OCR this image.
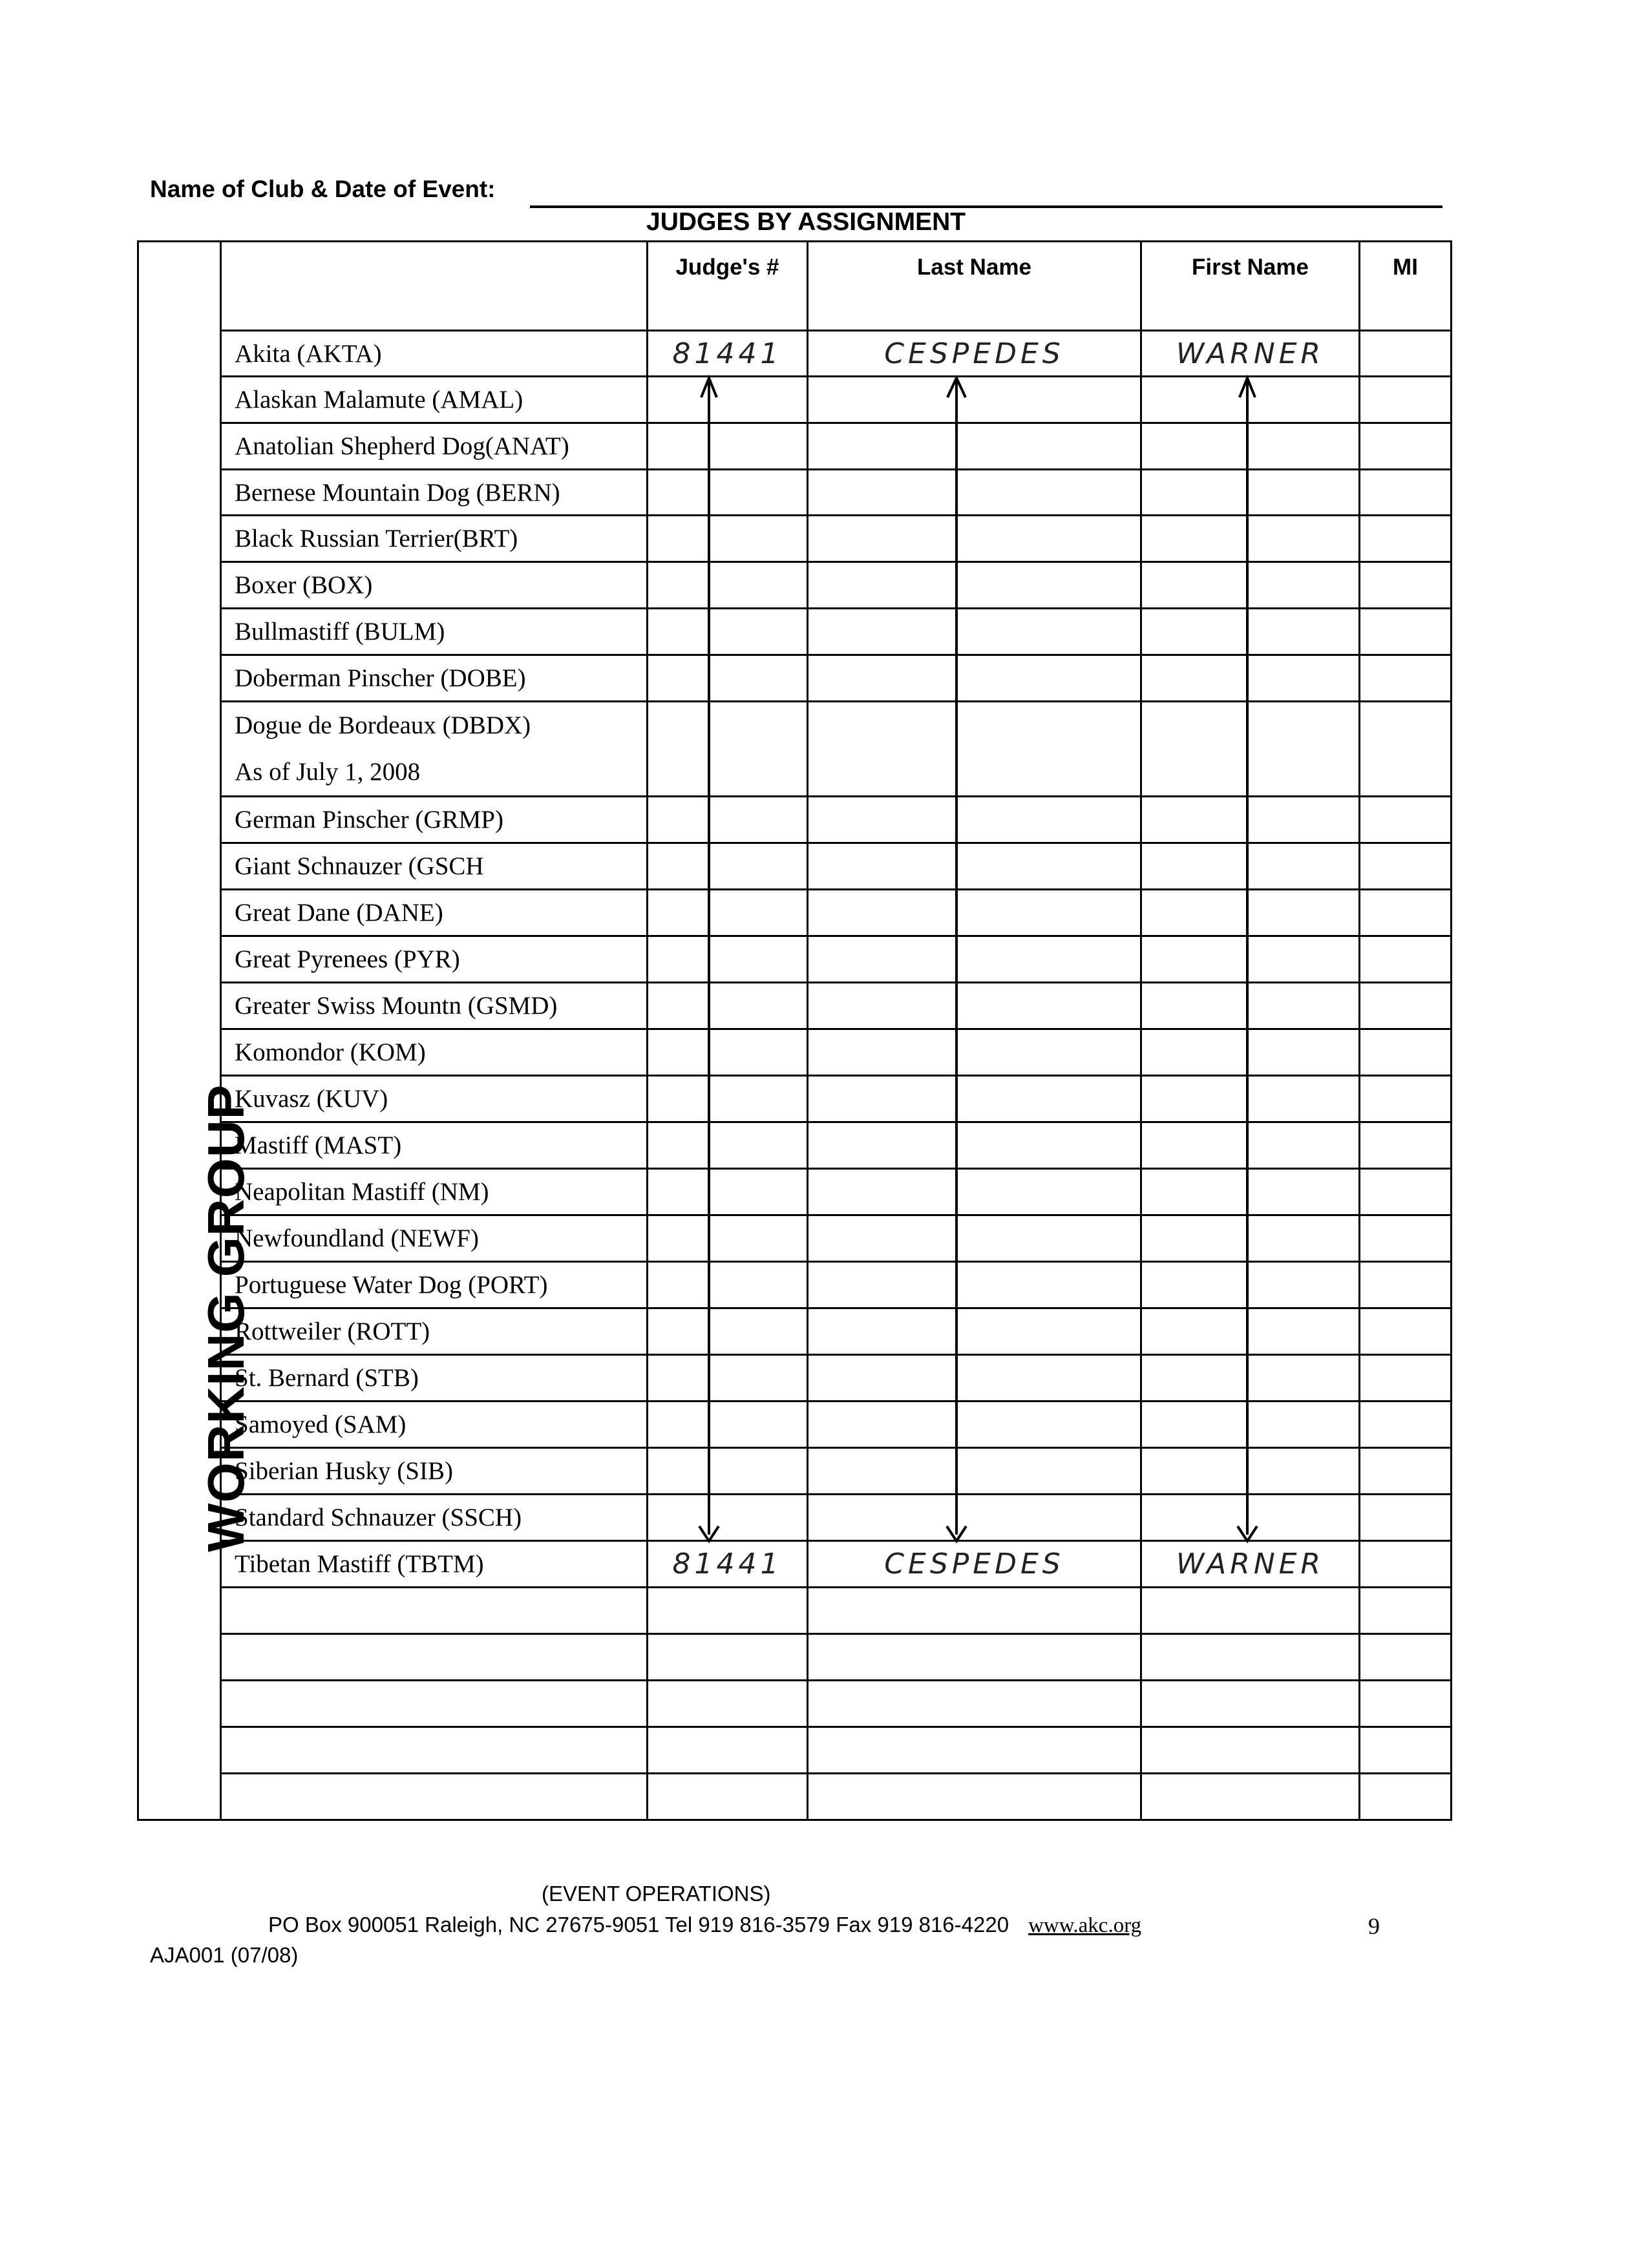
Name of Club & Date of Event:
JUDGES BY ASSIGNMENT
WORKING GROUP		Judge's #	Last Name	First Name	MI

	Akita (AKTA)	81441	CESPEDES	WARNER	
	Alaskan Malamute (AMAL)				
	Anatolian Shepherd Dog(ANAT)				
	Bernese Mountain Dog (BERN)				
	Black Russian Terrier(BRT)				
	Boxer (BOX)				
	Bullmastiff (BULM)				
	Doberman Pinscher (DOBE)				
	Dogue de Bordeaux (DBDX)
As of July 1, 2008				
	German Pinscher (GRMP)				
	Giant Schnauzer (GSCH				
	Great Dane (DANE)				
	Great Pyrenees (PYR)				
	Greater Swiss Mountn (GSMD)				
	Komondor (KOM)				
	Kuvasz (KUV)				
	Mastiff (MAST)				
	Neapolitan Mastiff (NM)				
	Newfoundland (NEWF)				
	Portuguese Water Dog (PORT)				
	Rottweiler (ROTT)				
	St. Bernard (STB)				
	Samoyed (SAM)				
	Siberian Husky (SIB)				
	Standard Schnauzer (SSCH)				
	Tibetan Mastiff (TBTM)	81441	CESPEDES	WARNER	

(EVENT OPERATIONS)
PO Box 900051 Raleigh, NC 27675-9051 Tel 919 816-3579 Fax 919 816-4220 www.akc.org	9
AJA001 (07/08)
